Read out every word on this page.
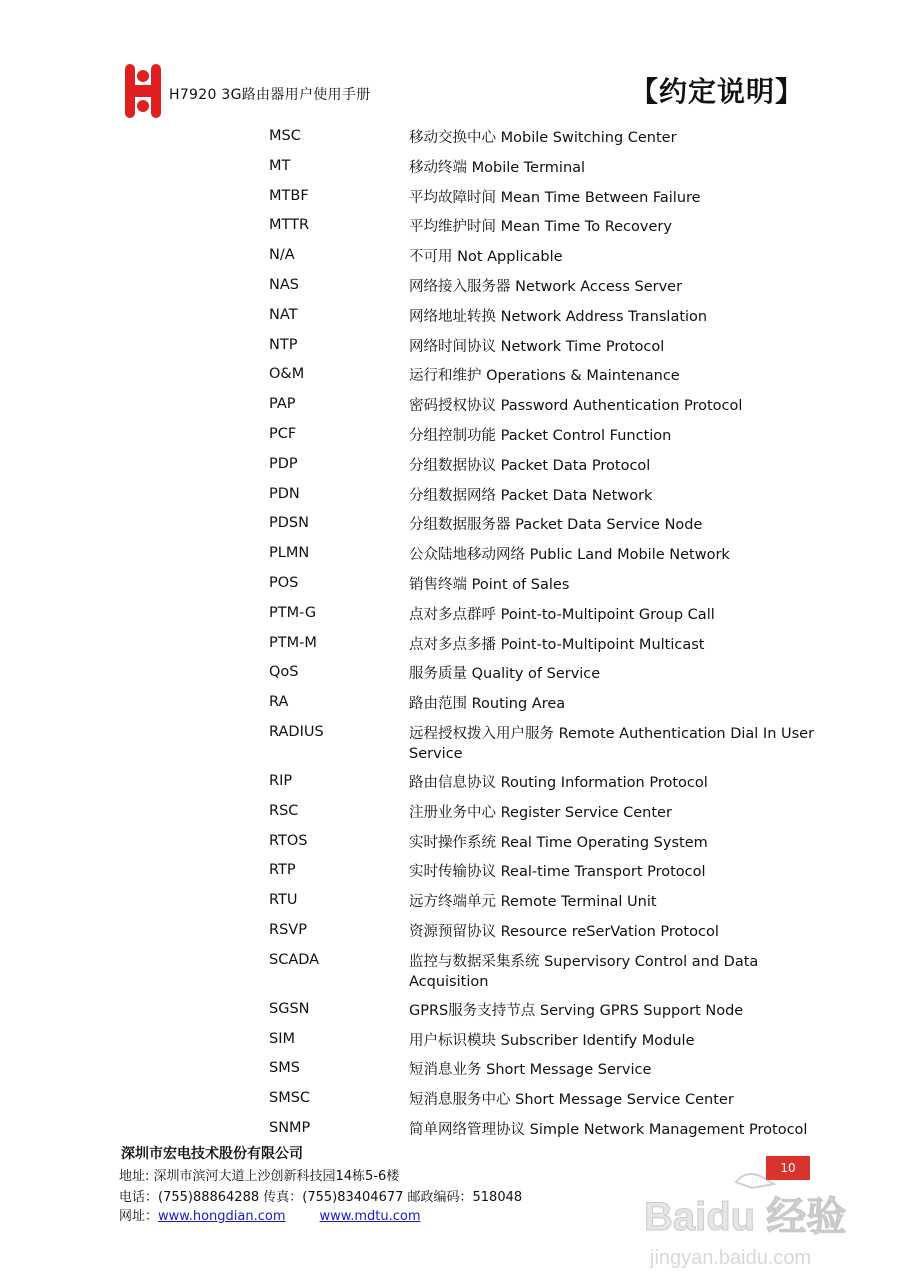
H7920 3G路由器用户使用手册	【约定说明】
MSC	移动交换中心 Mobile Switching Center
MT	移动终端 Mobile Terminal
MTBF	平均故障时间 Mean Time Between Failure
MTTR	平均维护时间 Mean Time To Recovery
N/A	不可用 Not Applicable
NAS	网络接入服务器 Network Access Server
NAT	网络地址转换 Network Address Translation
NTP	网络时间协议 Network Time Protocol
O&M	运行和维护 Operations & Maintenance
PAP	密码授权协议 Password Authentication Protocol
PCF	分组控制功能 Packet Control Function
PDP	分组数据协议 Packet Data Protocol
PDN	分组数据网络 Packet Data Network
PDSN	分组数据服务器 Packet Data Service Node
PLMN	公众陆地移动网络 Public Land Mobile Network
POS	销售终端 Point of Sales
PTM-G	点对多点群呼 Point-to-Multipoint Group Call
PTM-M	点对多点多播 Point-to-Multipoint Multicast
QoS	服务质量 Quality of Service
RA	路由范围 Routing Area
RADIUS	远程授权拨入用户服务 Remote Authentication Dial In User Service
RIP	路由信息协议 Routing Information Protocol
RSC	注册业务中心 Register Service Center
RTOS	实时操作系统 Real Time Operating System
RTP	实时传输协议 Real-time Transport Protocol
RTU	远方终端单元 Remote Terminal Unit
RSVP	资源预留协议 Resource reSerVation Protocol
SCADA	监控与数据采集系统 Supervisory Control and Data Acquisition
SGSN	GPRS服务支持节点 Serving GPRS Support Node
SIM	用户标识模块 Subscriber Identify Module
SMS	短消息业务 Short Message Service
SMSC	短消息服务中心 Short Message Service Center
SNMP	简单网络管理协议 Simple Network Management Protocol
深圳市宏电技术股份有限公司
地址: 深圳市滨河大道上沙创新科技园14栋5-6楼
电话：(755)88864288 传真：(755)83404677 邮政编码：518048
网址：www.hongdian.com	www.mdtu.com
10
Baidu 经验
jingyan.baidu.com
